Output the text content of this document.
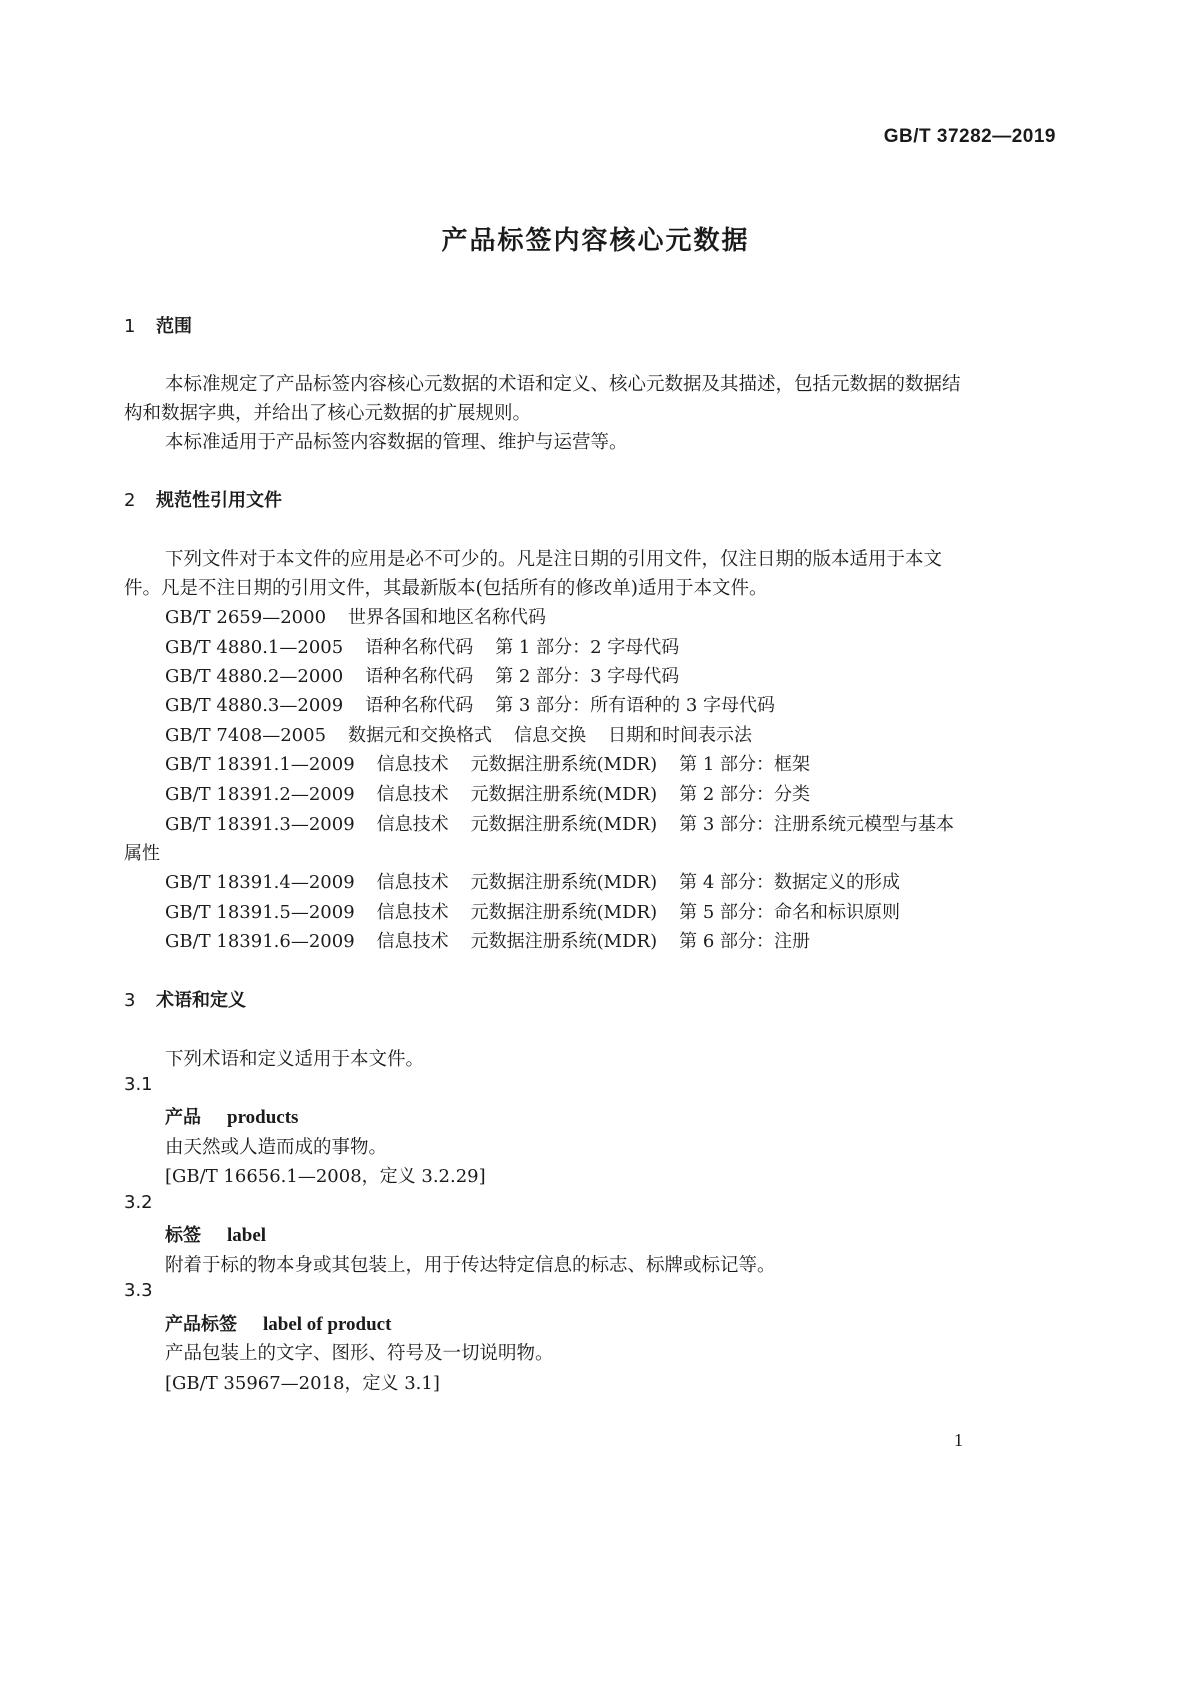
GB/T 37282—2019
产品标签内容核心元数据
1 范围
本标准规定了产品标签内容核心元数据的术语和定义、核心元数据及其描述，包括元数据的数据结
构和数据字典，并给出了核心元数据的扩展规则。
本标准适用于产品标签内容数据的管理、维护与运营等。
2 规范性引用文件
下列文件对于本文件的应用是必不可少的。凡是注日期的引用文件，仅注日期的版本适用于本文
件。凡是不注日期的引用文件，其最新版本(包括所有的修改单)适用于本文件。
GB/T 2659—2000 世界各国和地区名称代码
GB/T 4880.1—2005 语种名称代码 第 1 部分：2 字母代码
GB/T 4880.2—2000 语种名称代码 第 2 部分：3 字母代码
GB/T 4880.3—2009 语种名称代码 第 3 部分：所有语种的 3 字母代码
GB/T 7408—2005 数据元和交换格式 信息交换 日期和时间表示法
GB/T 18391.1—2009 信息技术 元数据注册系统(MDR) 第 1 部分：框架
GB/T 18391.2—2009 信息技术 元数据注册系统(MDR) 第 2 部分：分类
GB/T 18391.3—2009 信息技术 元数据注册系统(MDR) 第 3 部分：注册系统元模型与基本
属性
GB/T 18391.4—2009 信息技术 元数据注册系统(MDR) 第 4 部分：数据定义的形成
GB/T 18391.5—2009 信息技术 元数据注册系统(MDR) 第 5 部分：命名和标识原则
GB/T 18391.6—2009 信息技术 元数据注册系统(MDR) 第 6 部分：注册
3 术语和定义
下列术语和定义适用于本文件。
3.1
产品 products
由天然或人造而成的事物。
[GB/T 16656.1—2008，定义 3.2.29]
3.2
标签 label
附着于标的物本身或其包装上，用于传达特定信息的标志、标牌或标记等。
3.3
产品标签 label of product
产品包装上的文字、图形、符号及一切说明物。
[GB/T 35967—2018，定义 3.1]
1
